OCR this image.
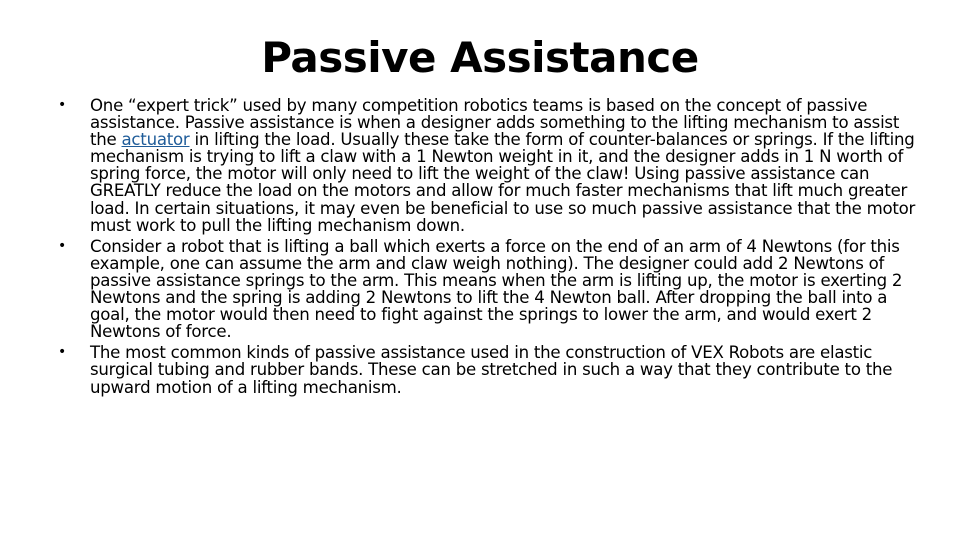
Passive Assistance
• One “expert trick” used by many competition robotics teams is based on the concept of passive assistance. Passive assistance is when a designer adds something to the lifting mechanism to assist the actuator in lifting the load. Usually these take the form of counter-balances or springs. If the lifting mechanism is trying to lift a claw with a 1 Newton weight in it, and the designer adds in 1 N worth of spring force, the motor will only need to lift the weight of the claw! Using passive assistance can GREATLY reduce the load on the motors and allow for much faster mechanisms that lift much greater load. In certain situations, it may even be beneficial to use so much passive assistance that the motor must work to pull the lifting mechanism down.
• Consider a robot that is lifting a ball which exerts a force on the end of an arm of 4 Newtons (for this example, one can assume the arm and claw weigh nothing). The designer could add 2 Newtons of passive assistance springs to the arm. This means when the arm is lifting up, the motor is exerting 2 Newtons and the spring is adding 2 Newtons to lift the 4 Newton ball. After dropping the ball into a goal, the motor would then need to fight against the springs to lower the arm, and would exert 2 Newtons of force.
• The most common kinds of passive assistance used in the construction of VEX Robots are elastic surgical tubing and rubber bands. These can be stretched in such a way that they contribute to the upward motion of a lifting mechanism.
